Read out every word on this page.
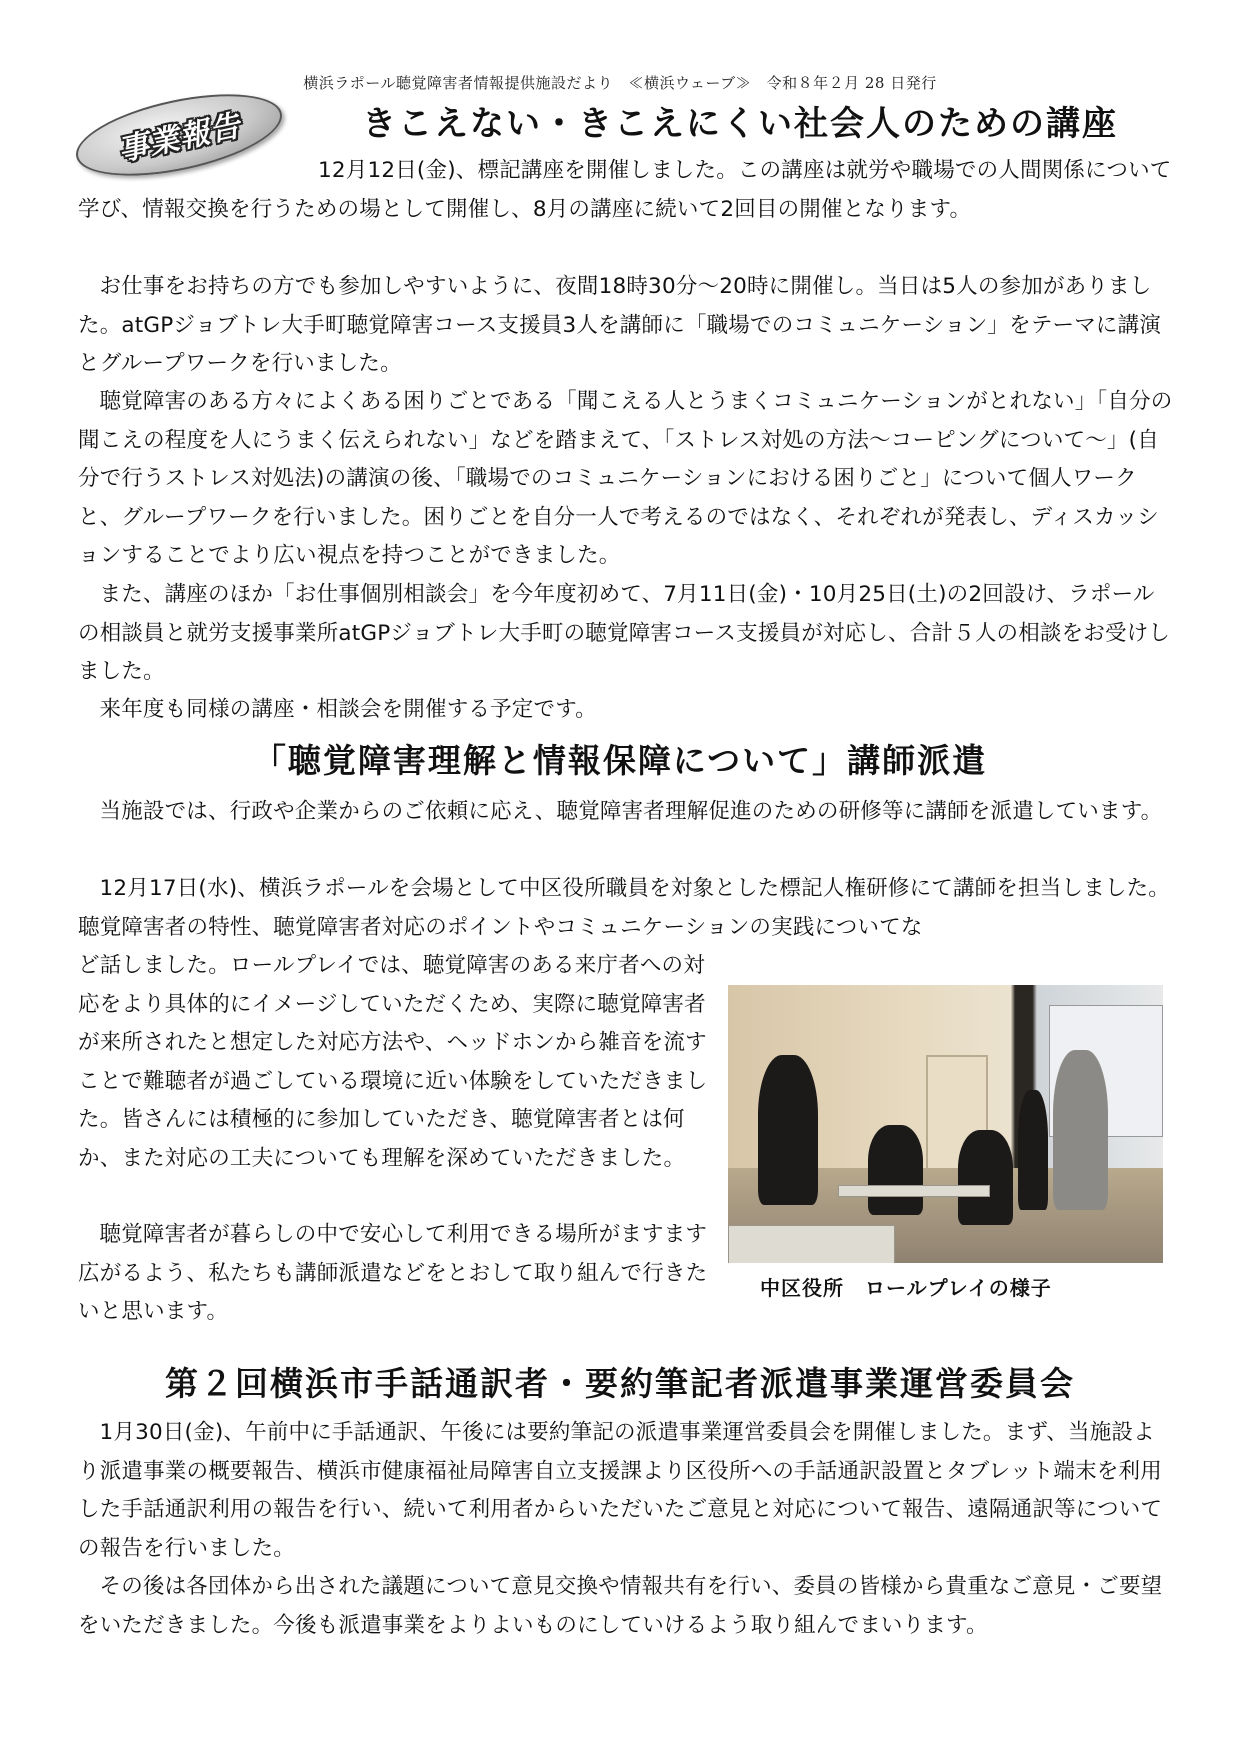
横浜ラポール聴覚障害者情報提供施設だより　≪横浜ウェーブ≫　令和８年２月 28 日発行
事業報告	きこえない・きこえにくい社会人のための講座

12月12日(金)、標記講座を開催しました。この講座は就労や職場での人間関係について学び、情報交換を行うための場として開催し、8月の講座に続いて2回目の開催となります。

お仕事をお持ちの方でも参加しやすいように、夜間18時30分～20時に開催し。当日は5人の参加がありました。atGPジョブトレ大手町聴覚障害コース支援員3人を講師に「職場でのコミュニケーション」をテーマに講演とグループワークを行いました。

聴覚障害のある方々によくある困りごとである「聞こえる人とうまくコミュニケーションがとれない」「自分の聞こえの程度を人にうまく伝えられない」などを踏まえて、「ストレス対処の方法～コーピングについて～」(自分で行うストレス対処法)の講演の後、「職場でのコミュニケーションにおける困りごと」について個人ワークと、グループワークを行いました。困りごとを自分一人で考えるのではなく、それぞれが発表し、ディスカッションすることでより広い視点を持つことができました。

また、講座のほか「お仕事個別相談会」を今年度初めて、7月11日(金)・10月25日(土)の2回設け、ラポールの相談員と就労支援事業所atGPジョブトレ大手町の聴覚障害コース支援員が対応し、合計５人の相談をお受けしました。

来年度も同様の講座・相談会を開催する予定です。

「聴覚障害理解と情報保障について」講師派遣

当施設では、行政や企業からのご依頼に応え、聴覚障害者理解促進のための研修等に講師を派遣しています。

12月17日(水)、横浜ラポールを会場として中区役所職員を対象とした標記人権研修にて講師を担当しました。聴覚障害者の特性、聴覚障害者対応のポイントやコミュニケーションの実践についてな

ど話しました。ロールプレイでは、聴覚障害のある来庁者への対応をより具体的にイメージしていただくため、実際に聴覚障害者が来所されたと想定した対応方法や、ヘッドホンから雑音を流すことで難聴者が過ごしている環境に近い体験をしていただきました。皆さんには積極的に参加していただき、聴覚障害者とは何か、また対応の工夫についても理解を深めていただきました。

聴覚障害者が暮らしの中で安心して利用できる場所がますます広がるよう、私たちも講師派遣などをとおして取り組んで行きたいと思います。

中区役所　ロールプレイの様子
第２回横浜市手話通訳者・要約筆記者派遣事業運営委員会

1月30日(金)、午前中に手話通訳、午後には要約筆記の派遣事業運営委員会を開催しました。まず、当施設より派遣事業の概要報告、横浜市健康福祉局障害自立支援課より区役所への手話通訳設置とタブレット端末を利用した手話通訳利用の報告を行い、続いて利用者からいただいたご意見と対応について報告、遠隔通訳等についての報告を行いました。

その後は各団体から出された議題について意見交換や情報共有を行い、委員の皆様から貴重なご意見・ご要望をいただきました。今後も派遣事業をよりよいものにしていけるよう取り組んでまいります。
